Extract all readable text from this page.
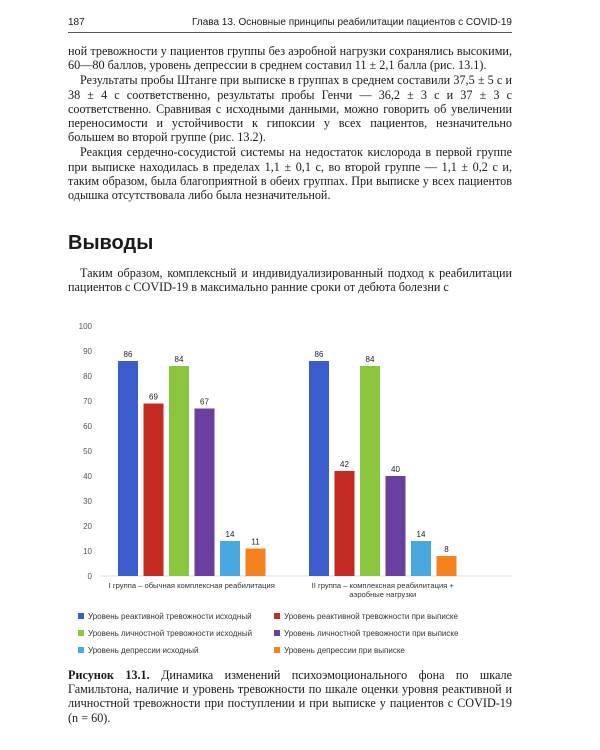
187	Глава 13. Основные принципы реабилитации пациентов с COVID-19

ной тревожности у пациентов группы без аэробной нагрузки сохранялись высокими, 60—80 баллов, уровень депрессии в среднем составил 11 ± 2,1 балла (рис. 13.1).

Результаты пробы Штанге при выписке в группах в среднем составили 37,5 ± 5 с и 38 ± 4 с соответственно, результаты пробы Генчи — 36,2 ± 3 с и 37 ± 3 с соответственно. Сравнивая с исходными данными, можно говорить об увеличении переносимости и устойчивости к гипоксии у всех пациентов, незначительно большем во второй группе (рис. 13.2).

Реакция сердечно-сосудистой системы на недостаток кислорода в первой группе при выписке находилась в пределах 1,1 ± 0,1 с, во второй группе — 1,1 ± 0,2 с и, таким образом, была благоприятной в обеих группах. При выписке у всех пациентов одышка отсутствовала либо была незначительной.

Выводы

Таким образом, комплексный и индивидуализированный подход к реабилитации пациентов с COVID-19 в максимально ранние сроки от дебюта болезни с

0
10
20
30
40
50
60
70
80
90
100
86
69
84
67
14
11
I группа – обычная комплексная реабилитация
86
42
84
40
14
8
II группа – комплексная реабилитация +
аэробные нагрузки
Уровень реактивной тревожности исходный	Уровень реактивной тревожности при выписке
Уровень личностной тревожности исходный	Уровень личностной тревожности при выписке
Уровень депрессии исходный	Уровень депрессии при выписке
Рисунок 13.1. Динамика изменений психоэмоционального фона по шкале Гамильтона, наличие и уровень тревожности по шкале оценки уровня реактивной и личностной тревожности при поступлении и при выписке у пациентов с COVID-19 (n = 60).
